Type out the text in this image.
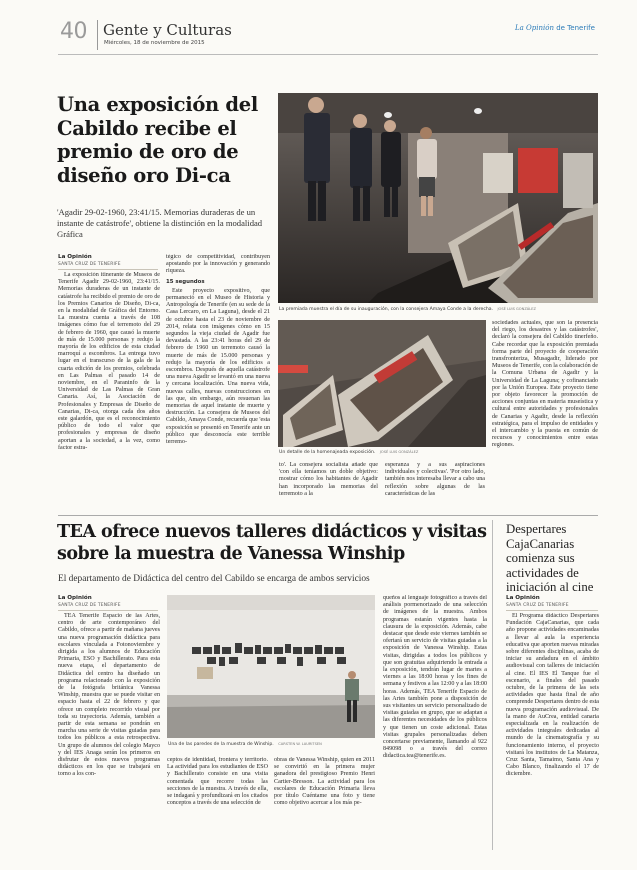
40 Gente y Culturas
Miércoles, 18 de noviembre de 2015
La Opinión de Tenerife
Una exposición del Cabildo recibe el premio de oro de diseño oro Di-ca
'Agadir 29-02-1960, 23:41/15. Memorias duraderas de un instante de catástrofe', obtiene la distinción en la modalidad Gráfica
La premiada muestra el día de su inauguración, con la consejera Amaya Conde a la derecha. JOSÉ LUIS GONZÁLEZ
La Opinión
SANTA CRUZ DE TENERIFE

La exposición itinerante de Museos de Tenerife Agadir 29-02-1960, 23:41/15. Memorias duraderas de un instante de catástrofe ha recibido el premio de oro de los Premios Canarios de Diseño, Di-ca, en la modalidad de Gráfica del Entorno. La muestra cuenta a través de 108 imágenes cómo fue el terremoto del 29 de febrero de 1960, que causó la muerte de más de 15.000 personas y redujo la mayoría de los edificios de esta ciudad marroquí a escombros. La entrega tuvo lugar en el transcurso de la gala de la cuarta edición de los premios, celebrada en Las Palmas el pasado 14 de noviembre, en el Paraninfo de la Universidad de Las Palmas de Gran Canaria. Así, la Asociación de Profesionales y Empresas de Diseño de Canarias, Di-ca, otorga cada dos años este galardón, que es el reconocimiento público de todo el valor que profesionales y empresas de diseño aportan a la sociedad, a la vez, como factor estra-

tégico de competitividad, contribuyen apostando por la innovación y generando riqueza.

15 segundos

Este proyecto expositivo, que permaneció en el Museo de Historia y Antropología de Tenerife (en su sede de la Casa Lercaro, en La Laguna), desde el 21 de octubre hasta el 23 de noviembre de 2014, relata con imágenes cómo en 15 segundos la vieja ciudad de Agadir fue devastada. A las 23:41 horas del 29 de febrero de 1960 un terremoto causó la muerte de más de 15.000 personas y redujo la mayoría de los edificios a escombros. Después de aquella catástrofe una nueva Agadir se levantó en una nueva y cercana localización. Una nueva vida, nuevas calles, nuevas construcciones en las que, sin embargo, aún resuenan las memorias de aquel instante de muerte y destrucción. La consejera de Museos del Cabildo, Amaya Conde, recuerda que 'esta exposición se presentó en Tenerife ante un público que desconocía este terrible terremo-

Un detalle de la homenajeada exposición. JOSÉ LUIS GONZÁLEZ

to'. La consejera socialista añade que 'con ella teníamos un doble objetivo: mostrar cómo los habitantes de Agadir han incorporado las memorias del terremoto a la

esperanza y a sus aspiraciones individuales y colectivas'. 'Por otro lado, también nos interesaba llevar a cabo una reflexión sobre algunas de las características de las

sociedades actuales, que son la presencia del riego, los desastres y las catástrofes', declaró la consejera del Cabildo tinerfeño. Cabe recordar que la exposición premiada forma parte del proyecto de cooperación transfronteriza, Musagadir, liderado por Museos de Tenerife, con la colaboración de la Comuna Urbana de Agadir y la Universidad de La Laguna; y cofinanciado por la Unión Europea. Este proyecto tiene por objeto favorecer la promoción de acciones conjuntas en materia museística y cultural entre autoridades y profesionales de Canarias y Agadir, desde la reflexión estratégica, para el impulso de entidades y el intercambio y la puesta en común de recursos y conocimientos entre estas regiones.

TEA ofrece nuevos talleres didácticos y visitas sobre la muestra de Vanessa Winship
El departamento de Didáctica del centro del Cabildo se encarga de ambos servicios
La Opinión
SANTA CRUZ DE TENERIFE

TEA Tenerife Espacio de las Artes, centro de arte contemporáneo del Cabildo, ofrece a partir de mañana jueves una nueva programación didáctica para escolares vinculada a Fotonoviembre y dirigida a los alumnos de Educación Primaria, ESO y Bachillerato. Para esta nueva etapa, el departamento de Didáctica del centro ha diseñado un programa relacionado con la exposición de la fotógrafa británica Vanessa Winship, muestra que se puede visitar en espacio hasta el 22 de febrero y que ofrece un completo recorrido visual por toda su trayectoria. Además, también a partir de esta semana se pondrán en marcha una serie de visitas guiadas para todos los públicos a esta retrospectiva. Un grupo de alumnos del colegio Mayco y del IES Anaga serán los primeros en disfrutar de estos nuevos programas didácticos en los que se trabajará en torno a los con-

Una de las paredes de la muestra de Winship. CARSTEN W. LAURITSEN

ceptos de identidad, frontera y territorio. La actividad para los estudiantes de ESO y Bachillerato consiste en una visita comentada que recorre todas las secciones de la muestra. A través de ella, se indagará y profundizará en los citados conceptos a través de una selección de

obras de Vanessa Winship, quien en 2011 se convirtió en la primera mujer ganadora del prestigioso Premio Henri Cartier-Bresson. La actividad para los escolares de Educación Primaria lleva por título Cuéntame una foto y tiene como objetivo acercar a los más pe-

queños al lenguaje fotográfico a través del análisis pormenorizado de una selección de imágenes de la muestra. Ambos programas estarán vigentes hasta la clausura de la exposición. Además, cabe destacar que desde este viernes también se ofertará un servicio de visitas guiadas a la exposición de Vanessa Winship. Estas visitas, dirigidas a todos los públicos y que son gratuitas adquiriendo la entrada a la exposición, tendrán lugar de martes a viernes a las 18:00 horas y los fines de semana y festivos a las 12:00 y a las 18:00 horas. Además, TEA Tenerife Espacio de las Artes también pone a disposición de sus visitantes un servicio personalizado de visitas guiadas en grupo, que se adaptan a las diferentes necesidades de los públicos y que tienen un coste adicional. Estas visitas grupales personalizadas deben concertarse previamente, llamando al 922 849098 o a través del correo didactica.tea@tenerife.es.

Despertares CajaCanarias comienza sus actividades de iniciación al cine
La Opinión
SANTA CRUZ DE TENERIFE

El Programa didáctico Despertares Fundación CajaCanarias, que cada año propone actividades encaminadas a llevar al aula la experiencia educativa que aporten nuevas miradas sobre diferentes disciplinas, acaba de iniciar su andadura en el ámbito audiovisual con talleres de iniciación al cine. El IES El Tanque fue el escenario, a finales del pasado octubre, de la primera de las seis actividades que hasta final de año comprende Despertares dentro de esta nueva programación audiovisual. De la mano de AuCrea, entidad canaria especializada en la realización de actividades integrales dedicadas al mundo de la cinematografía y su funcionamiento interno, el proyecto visitará los institutos de La Matanza, Cruz Santa, Tamaimo, Santa Ana y Cabo Blanco, finalizando el 17 de diciembre.
